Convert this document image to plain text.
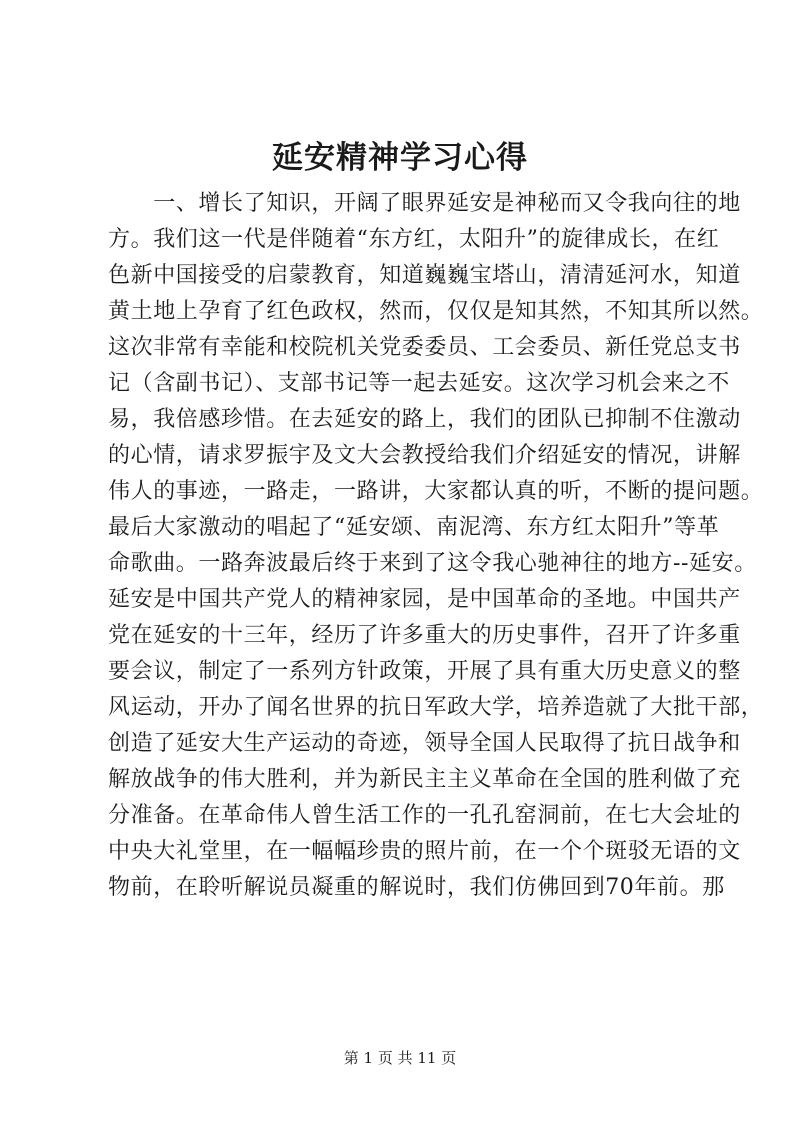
延安精神学习心得
　　一、增长了知识，开阔了眼界延安是神秘而又令我向往的地
方。我们这一代是伴随着“东方红，太阳升”的旋律成长，在红
色新中国接受的启蒙教育，知道巍巍宝塔山，清清延河水，知道
黄土地上孕育了红色政权，然而，仅仅是知其然，不知其所以然。
这次非常有幸能和校院机关党委委员、工会委员、新任党总支书
记（含副书记）、支部书记等一起去延安。这次学习机会来之不
易，我倍感珍惜。在去延安的路上，我们的团队已抑制不住激动
的心情，请求罗振宇及文大会教授给我们介绍延安的情况，讲解
伟人的事迹，一路走，一路讲，大家都认真的听，不断的提问题。
最后大家激动的唱起了“延安颂、南泥湾、东方红太阳升”等革
命歌曲。一路奔波最后终于来到了这令我心驰神往的地方--延安。
延安是中国共产党人的精神家园，是中国革命的圣地。中国共产
党在延安的十三年，经历了许多重大的历史事件，召开了许多重
要会议，制定了一系列方针政策，开展了具有重大历史意义的整
风运动，开办了闻名世界的抗日军政大学，培养造就了大批干部，
创造了延安大生产运动的奇迹，领导全国人民取得了抗日战争和
解放战争的伟大胜利，并为新民主主义革命在全国的胜利做了充
分准备。在革命伟人曾生活工作的一孔孔窑洞前，在七大会址的
中央大礼堂里，在一幅幅珍贵的照片前，在一个个斑驳无语的文
物前，在聆听解说员凝重的解说时，我们仿佛回到70年前。那
第 1 页 共 11 页
